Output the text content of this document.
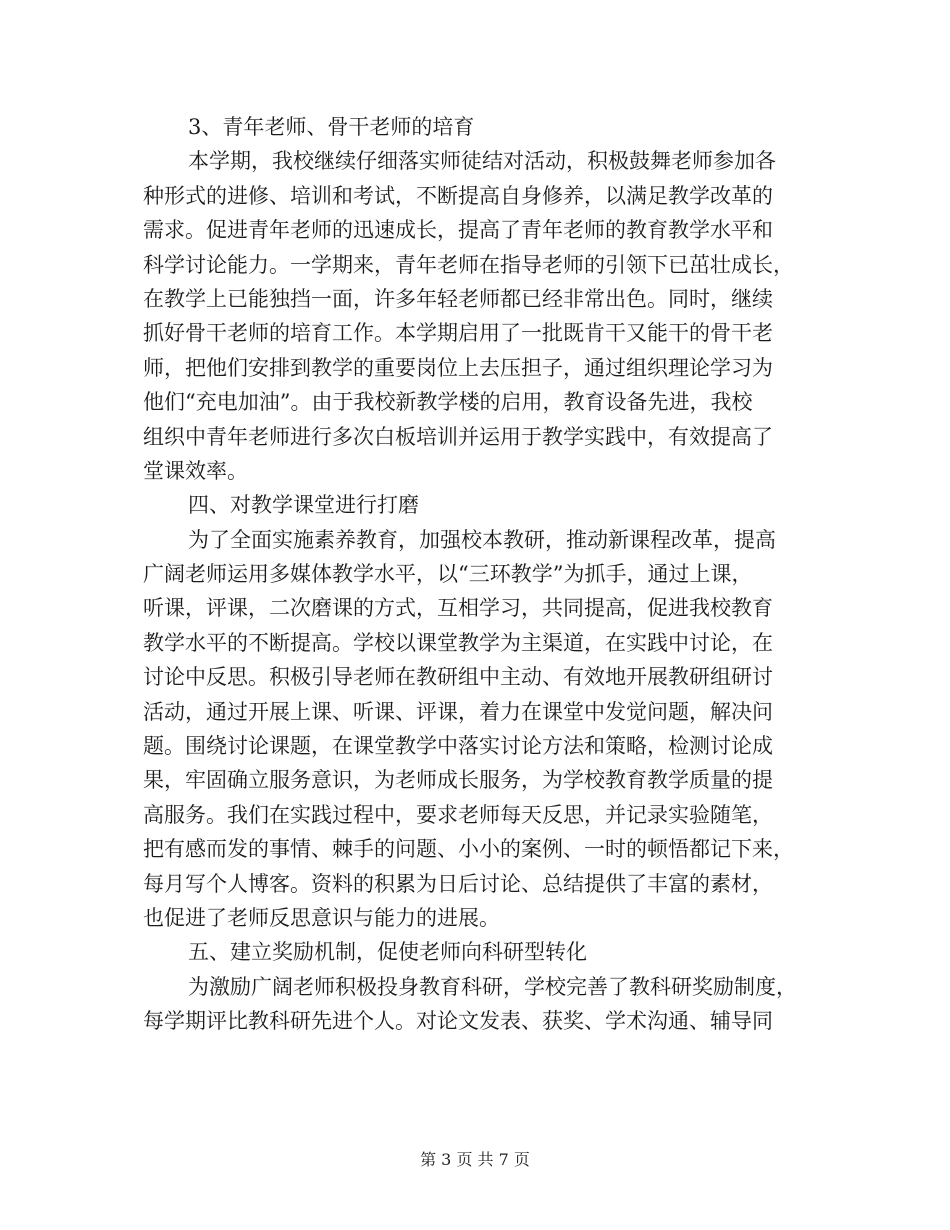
3、青年老师、骨干老师的培育
本学期，我校继续仔细落实师徒结对活动，积极鼓舞老师参加各
种形式的进修、培训和考试，不断提高自身修养，以满足教学改革的
需求。促进青年老师的迅速成长，提高了青年老师的教育教学水平和
科学讨论能力。一学期来，青年老师在指导老师的引领下已茁壮成长，
在教学上已能独挡一面，许多年轻老师都已经非常出色。同时，继续
抓好骨干老师的培育工作。本学期启用了一批既肯干又能干的骨干老
师，把他们安排到教学的重要岗位上去压担子，通过组织理论学习为
他们“充电加油”。由于我校新教学楼的启用，教育设备先进，我校
组织中青年老师进行多次白板培训并运用于教学实践中，有效提高了
堂课效率。
四、对教学课堂进行打磨
为了全面实施素养教育，加强校本教研，推动新课程改革，提高
广阔老师运用多媒体教学水平，以“三环教学”为抓手，通过上课，
听课，评课，二次磨课的方式，互相学习，共同提高，促进我校教育
教学水平的不断提高。学校以课堂教学为主渠道，在实践中讨论，在
讨论中反思。积极引导老师在教研组中主动、有效地开展教研组研讨
活动，通过开展上课、听课、评课，着力在课堂中发觉问题，解决问
题。围绕讨论课题，在课堂教学中落实讨论方法和策略，检测讨论成
果，牢固确立服务意识，为老师成长服务，为学校教育教学质量的提
高服务。我们在实践过程中，要求老师每天反思，并记录实验随笔，
把有感而发的事情、棘手的问题、小小的案例、一时的顿悟都记下来，
每月写个人博客。资料的积累为日后讨论、总结提供了丰富的素材，
也促进了老师反思意识与能力的进展。
五、建立奖励机制，促使老师向科研型转化
为激励广阔老师积极投身教育科研，学校完善了教科研奖励制度，
每学期评比教科研先进个人。对论文发表、获奖、学术沟通、辅导同
第 3 页 共 7 页
